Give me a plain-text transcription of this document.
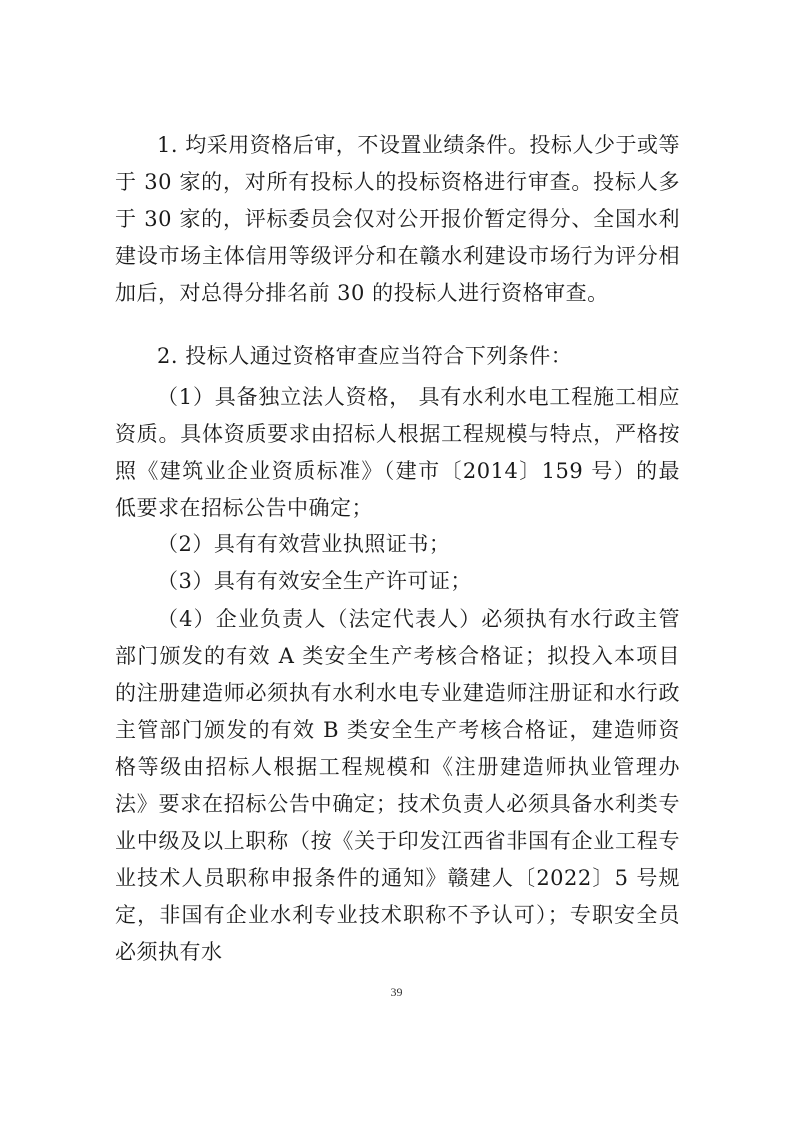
1. 均采用资格后审，不设置业绩条件。投标人少于或等于 30 家的，对所有投标人的投标资格进行审查。投标人多于 30 家的，评标委员会仅对公开报价暂定得分、全国水利建设市场主体信用等级评分和在赣水利建设市场行为评分相加后，对总得分排名前 30 的投标人进行资格审查。

2. 投标人通过资格审查应当符合下列条件：

（1）具备独立法人资格， 具有水利水电工程施工相应资质。具体资质要求由招标人根据工程规模与特点，严格按照《建筑业企业资质标准》（建市〔2014〕159 号）的最低要求在招标公告中确定；

（2）具有有效营业执照证书；

（3）具有有效安全生产许可证；

（4）企业负责人（法定代表人）必须执有水行政主管部门颁发的有效 A 类安全生产考核合格证；拟投入本项目的注册建造师必须执有水利水电专业建造师注册证和水行政主管部门颁发的有效 B 类安全生产考核合格证，建造师资格等级由招标人根据工程规模和《注册建造师执业管理办法》要求在招标公告中确定；技术负责人必须具备水利类专业中级及以上职称（按《关于印发江西省非国有企业工程专业技术人员职称申报条件的通知》赣建人〔2022〕5 号规定，非国有企业水利专业技术职称不予认可）；专职安全员必须执有水

39
